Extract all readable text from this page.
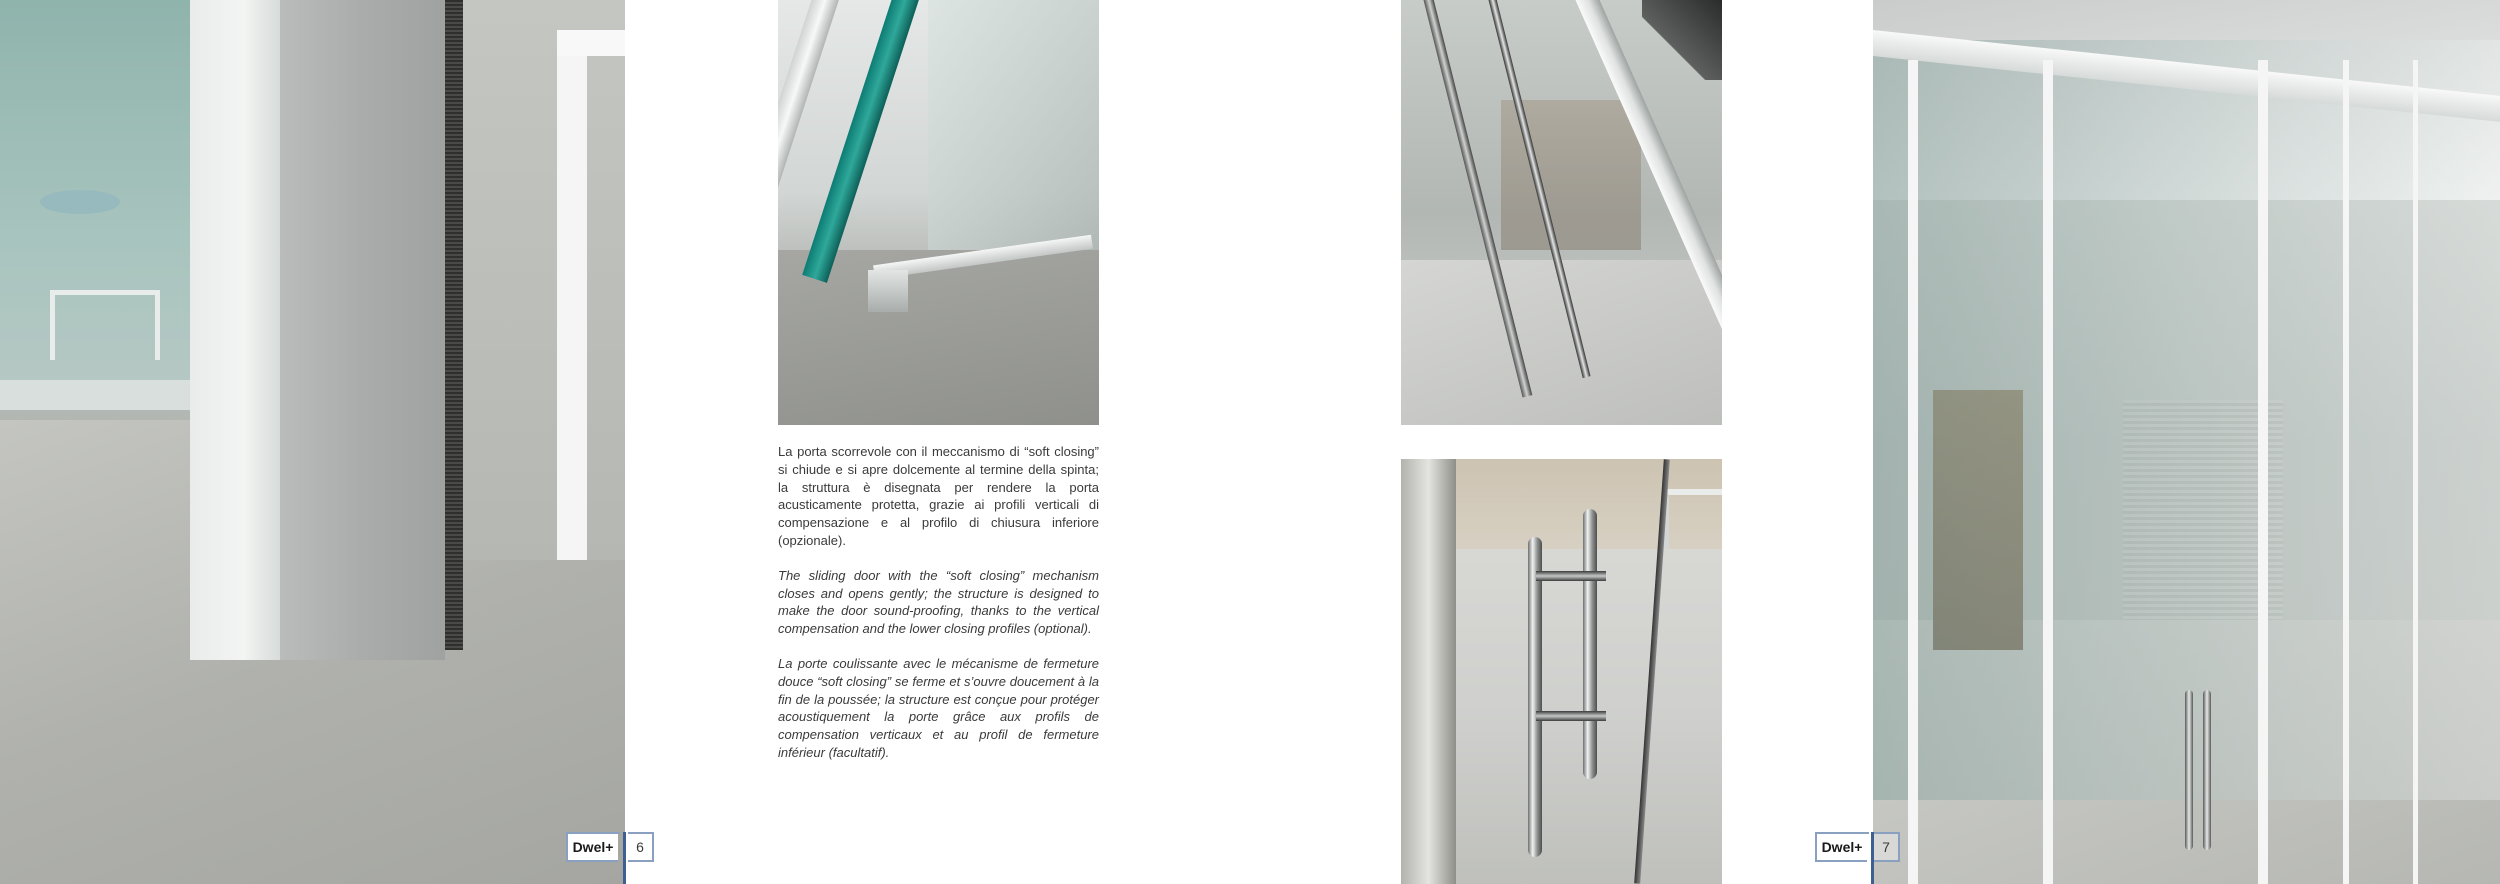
La porta scorrevole con il meccanismo di “soft closing” si chiude e si apre dolcemente al termine della spinta; la struttura è disegnata per rendere la porta acusticamente protetta, grazie ai profili verticali di compensazione e al profilo di chiusura inferiore (opzionale).

The sliding door with the “soft closing” mechanism closes and opens gently; the structure is designed to make the door sound-proofing, thanks to the vertical compensation and the lower closing profiles (optional).

La porte coulissante avec le mécanisme de fermeture douce “soft closing” se ferme et s’ouvre doucement à la fin de la poussée; la structure est conçue pour protéger acoustiquement la porte grâce aux profils de compensation verticaux et au profil de fermeture inférieur (facultatif).

Dwel+	6	Dwel+	7
